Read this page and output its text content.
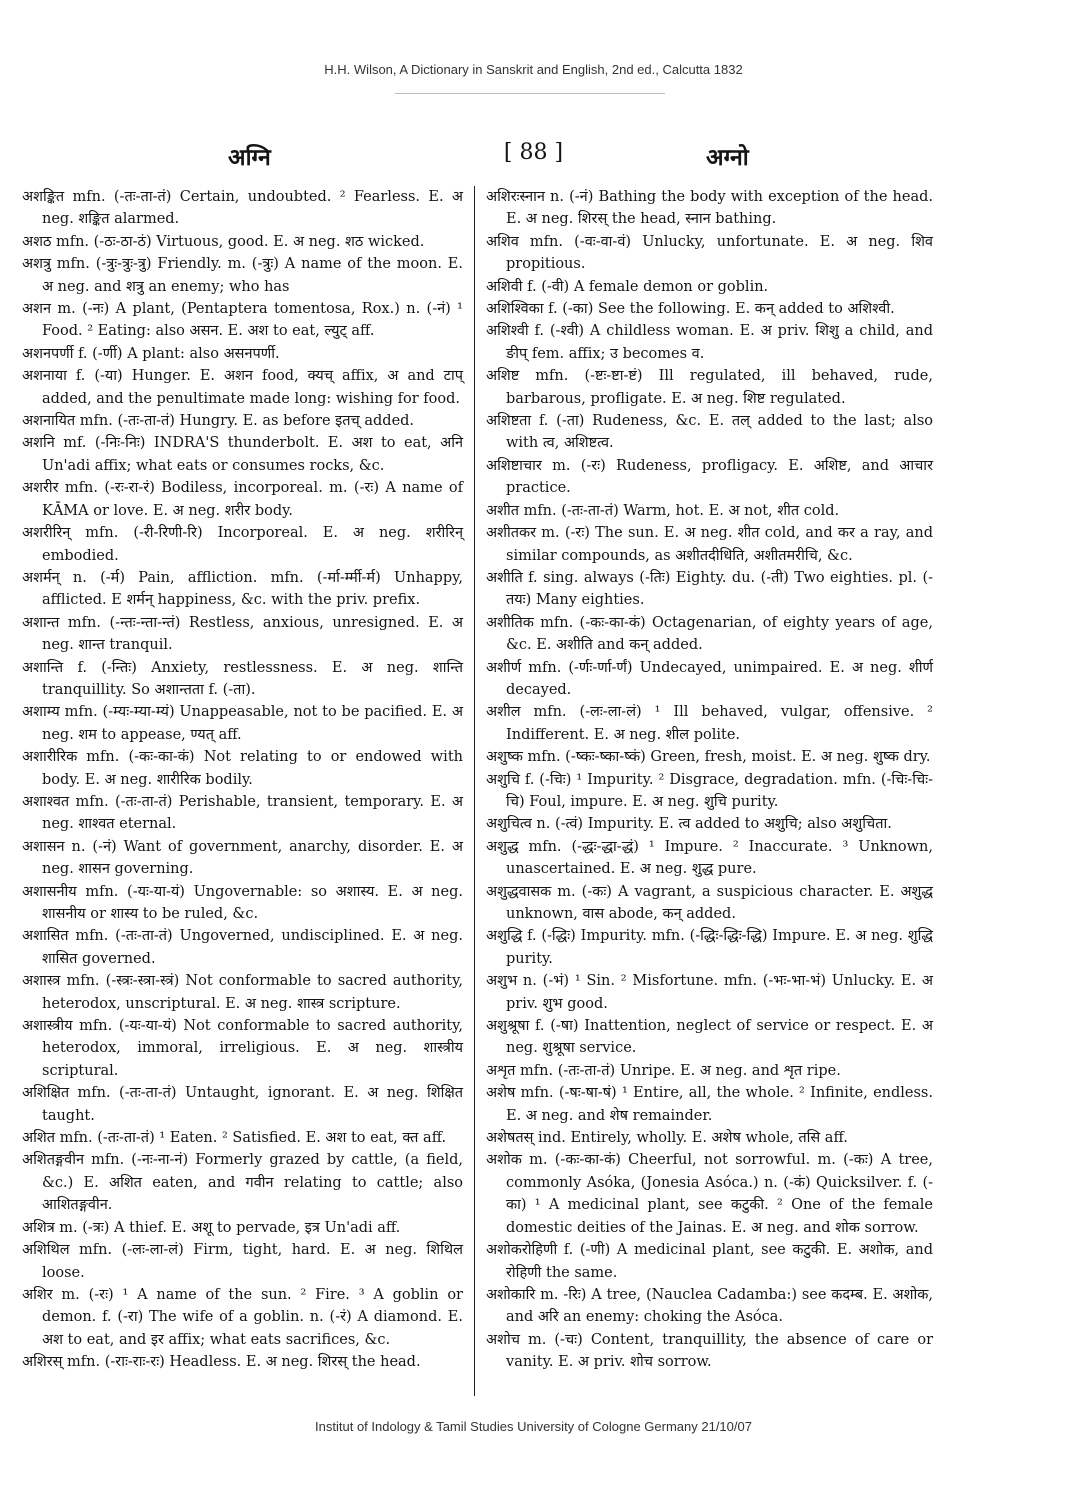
H.H. Wilson, A Dictionary in Sanskrit and English, 2nd ed., Calcutta 1832
अग्नि	[ 88 ]	अग्नो

अशङ्कित mfn. (-तः-ता-तं) Certain, undoubted. ² Fearless. E. अ neg. शङ्कित alarmed.

अशठ mfn. (-ठः-ठा-ठं) Virtuous, good. E. अ neg. शठ wicked.

अशत्रु mfn. (-त्रुः-त्रुः-त्रु) Friendly. m. (-त्रुः) A name of the moon. E. अ neg. and शत्रु an enemy; who has

अशन m. (-नः) A plant, (Pentaptera tomentosa, Rox.) n. (-नं) ¹ Food. ² Eating: also असन. E. अश to eat, ल्युट् aff.

अशनपर्णी f. (-र्णी) A plant: also असनपर्णी.

अशनाया f. (-या) Hunger. E. अशन food, क्यच् affix, अ and टाप् added, and the penultimate made long: wishing for food.

अशनायित mfn. (-तः-ता-तं) Hungry. E. as before इतच् added.

अशनि mf. (-निः-निः) INDRA'S thunderbolt. E. अश to eat, अनि Un'adi affix; what eats or consumes rocks, &c.

अशरीर mfn. (-रः-रा-रं) Bodiless, incorporeal. m. (-रः) A name of KĀMA or love. E. अ neg. शरीर body.

अशरीरिन् mfn. (-री-रिणी-रि) Incorporeal. E. अ neg. शरीरिन् embodied.

अशर्मन् n. (-र्म) Pain, affliction. mfn. (-र्मा-र्म्मी-र्म) Unhappy, afflicted. E शर्मन् happiness, &c. with the priv. prefix.

अशान्त mfn. (-न्तः-न्ता-न्तं) Restless, anxious, unresigned. E. अ neg. शान्त tranquil.

अशान्ति f. (-न्तिः) Anxiety, restlessness. E. अ neg. शान्ति tranquillity. So अशान्तता f. (-ता).

अशाम्य mfn. (-म्यः-म्या-म्यं) Unappeasable, not to be pacified. E. अ neg. शम to appease, ण्यत् aff.

अशारीरिक mfn. (-कः-का-कं) Not relating to or endowed with body. E. अ neg. शारीरिक bodily.

अशाश्वत mfn. (-तः-ता-तं) Perishable, transient, temporary. E. अ neg. शाश्वत eternal.

अशासन n. (-नं) Want of government, anarchy, disorder. E. अ neg. शासन governing.

अशासनीय mfn. (-यः-या-यं) Ungovernable: so अशास्य. E. अ neg. शासनीय or शास्य to be ruled, &c.

अशासित mfn. (-तः-ता-तं) Ungoverned, undisciplined. E. अ neg. शासित governed.

अशास्त्र mfn. (-स्त्रः-स्त्रा-स्त्रं) Not conformable to sacred authority, heterodox, unscriptural. E. अ neg. शास्त्र scripture.

अशास्त्रीय mfn. (-यः-या-यं) Not conformable to sacred authority, heterodox, immoral, irreligious. E. अ neg. शास्त्रीय scriptural.

अशिक्षित mfn. (-तः-ता-तं) Untaught, ignorant. E. अ neg. शिक्षित taught.

अशित mfn. (-तः-ता-तं) ¹ Eaten. ² Satisfied. E. अश to eat, क्त aff.

अशितङ्गवीन mfn. (-नः-ना-नं) Formerly grazed by cattle, (a field, &c.) E. अशित eaten, and गवीन relating to cattle; also आशितङ्गवीन.

अशित्र m. (-त्रः) A thief. E. अशू to pervade, इत्र Un'adi aff.

अशिथिल mfn. (-लः-ला-लं) Firm, tight, hard. E. अ neg. शिथिल loose.

अशिर m. (-रः) ¹ A name of the sun. ² Fire. ³ A goblin or demon. f. (-रा) The wife of a goblin. n. (-रं) A diamond. E. अश to eat, and इर affix; what eats sacrifices, &c.

अशिरस् mfn. (-राः-राः-रः) Headless. E. अ neg. शिरस् the head.

अशिरःस्नान n. (-नं) Bathing the body with exception of the head. E. अ neg. शिरस् the head, स्नान bathing.

अशिव mfn. (-वः-वा-वं) Unlucky, unfortunate. E. अ neg. शिव propitious.

अशिवी f. (-वी) A female demon or goblin.

अशिश्विका f. (-का) See the following. E. कन् added to अशिश्वी.

अशिश्वी f. (-श्वी) A childless woman. E. अ priv. शिशु a child, and ङीप् fem. affix; उ becomes व.

अशिष्ट mfn. (-ष्टः-ष्टा-ष्टं) Ill regulated, ill behaved, rude, barbarous, profligate. E. अ neg. शिष्ट regulated.

अशिष्टता f. (-ता) Rudeness, &c. E. तल् added to the last; also with त्व, अशिष्टत्व.

अशिष्टाचार m. (-रः) Rudeness, profligacy. E. अशिष्ट, and आचार practice.

अशीत mfn. (-तः-ता-तं) Warm, hot. E. अ not, शीत cold.

अशीतकर m. (-रः) The sun. E. अ neg. शीत cold, and कर a ray, and similar compounds, as अशीतदीधिति, अशीतमरीचि, &c.

अशीति f. sing. always (-तिः) Eighty. du. (-ती) Two eighties. pl. (-तयः) Many eighties.

अशीतिक mfn. (-कः-का-कं) Octagenarian, of eighty years of age, &c. E. अशीति and कन् added.

अशीर्ण mfn. (-र्णः-र्णा-र्णं) Undecayed, unimpaired. E. अ neg. शीर्ण decayed.

अशील mfn. (-लः-ला-लं) ¹ Ill behaved, vulgar, offensive. ² Indifferent. E. अ neg. शील polite.

अशुष्क mfn. (-ष्कः-ष्का-ष्कं) Green, fresh, moist. E. अ neg. शुष्क dry.

अशुचि f. (-चिः) ¹ Impurity. ² Disgrace, degradation. mfn. (-चिः-चिः-चि) Foul, impure. E. अ neg. शुचि purity.

अशुचित्व n. (-त्वं) Impurity. E. त्व added to अशुचि; also अशुचिता.

अशुद्ध mfn. (-द्धः-द्धा-द्धं) ¹ Impure. ² Inaccurate. ³ Unknown, unascertained. E. अ neg. शुद्ध pure.

अशुद्धवासक m. (-कः) A vagrant, a suspicious character. E. अशुद्ध unknown, वास abode, कन् added.

अशुद्धि f. (-द्धिः) Impurity. mfn. (-द्धिः-द्धिः-द्धि) Impure. E. अ neg. शुद्धि purity.

अशुभ n. (-भं) ¹ Sin. ² Misfortune. mfn. (-भः-भा-भं) Unlucky. E. अ priv. शुभ good.

अशुश्रूषा f. (-षा) Inattention, neglect of service or respect. E. अ neg. शुश्रूषा service.

अशृत mfn. (-तः-ता-तं) Unripe. E. अ neg. and शृत ripe.

अशेष mfn. (-षः-षा-षं) ¹ Entire, all, the whole. ² Infinite, endless. E. अ neg. and शेष remainder.

अशेषतस् ind. Entirely, wholly. E. अशेष whole, तसि aff.

अशोक m. (-कः-का-कं) Cheerful, not sorrowful. m. (-कः) A tree, commonly Asóka, (Jonesia Asóca.) n. (-कं) Quicksilver. f. (-का) ¹ A medicinal plant, see कटुकी. ² One of the female domestic deities of the Jainas. E. अ neg. and शोक sorrow.

अशोकरोहिणी f. (-णी) A medicinal plant, see कटुकी. E. अशोक, and रोहिणी the same.

अशोकारि m. -रिः) A tree, (Nauclea Cadamba:) see कदम्ब. E. अशोक, and अरि an enemy: choking the Asóca.

अशोच m. (-चः) Content, tranquillity, the absence of care or vanity. E. अ priv. शोच sorrow.

Institut of Indology & Tamil Studies University of Cologne Germany 21/10/07
